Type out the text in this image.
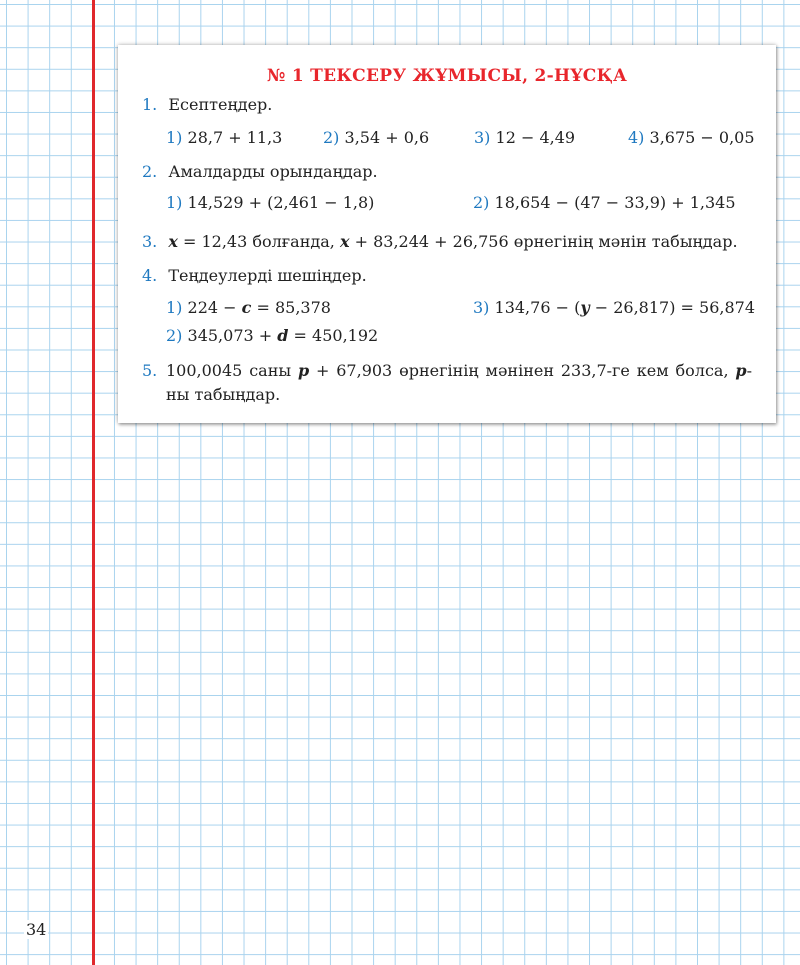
34
№ 1 ТЕКСЕРУ ЖҰМЫСЫ, 2-НҰСҚА
1. Есептеңдер.
1) 28,7 + 11,3	2) 3,54 + 0,6	3) 12 − 4,49	4) 3,675 − 0,05
2. Амалдарды орындаңдар.
1) 14,529 + (2,461 − 1,8)	2) 18,654 − (47 − 33,9) + 1,345
3. x = 12,43 болғанда, x + 83,244 + 26,756 өрнегінің мәнін табыңдар.
4. Теңдеулерді шешіңдер.
1) 224 − c = 85,378	3) 134,76 − (y − 26,817) = 56,874
2) 345,073 + d = 450,192
5. 100,0045 саны p + 67,903 өрнегінің мәнінен 233,7-ге кем болса, p-ны табыңдар.
